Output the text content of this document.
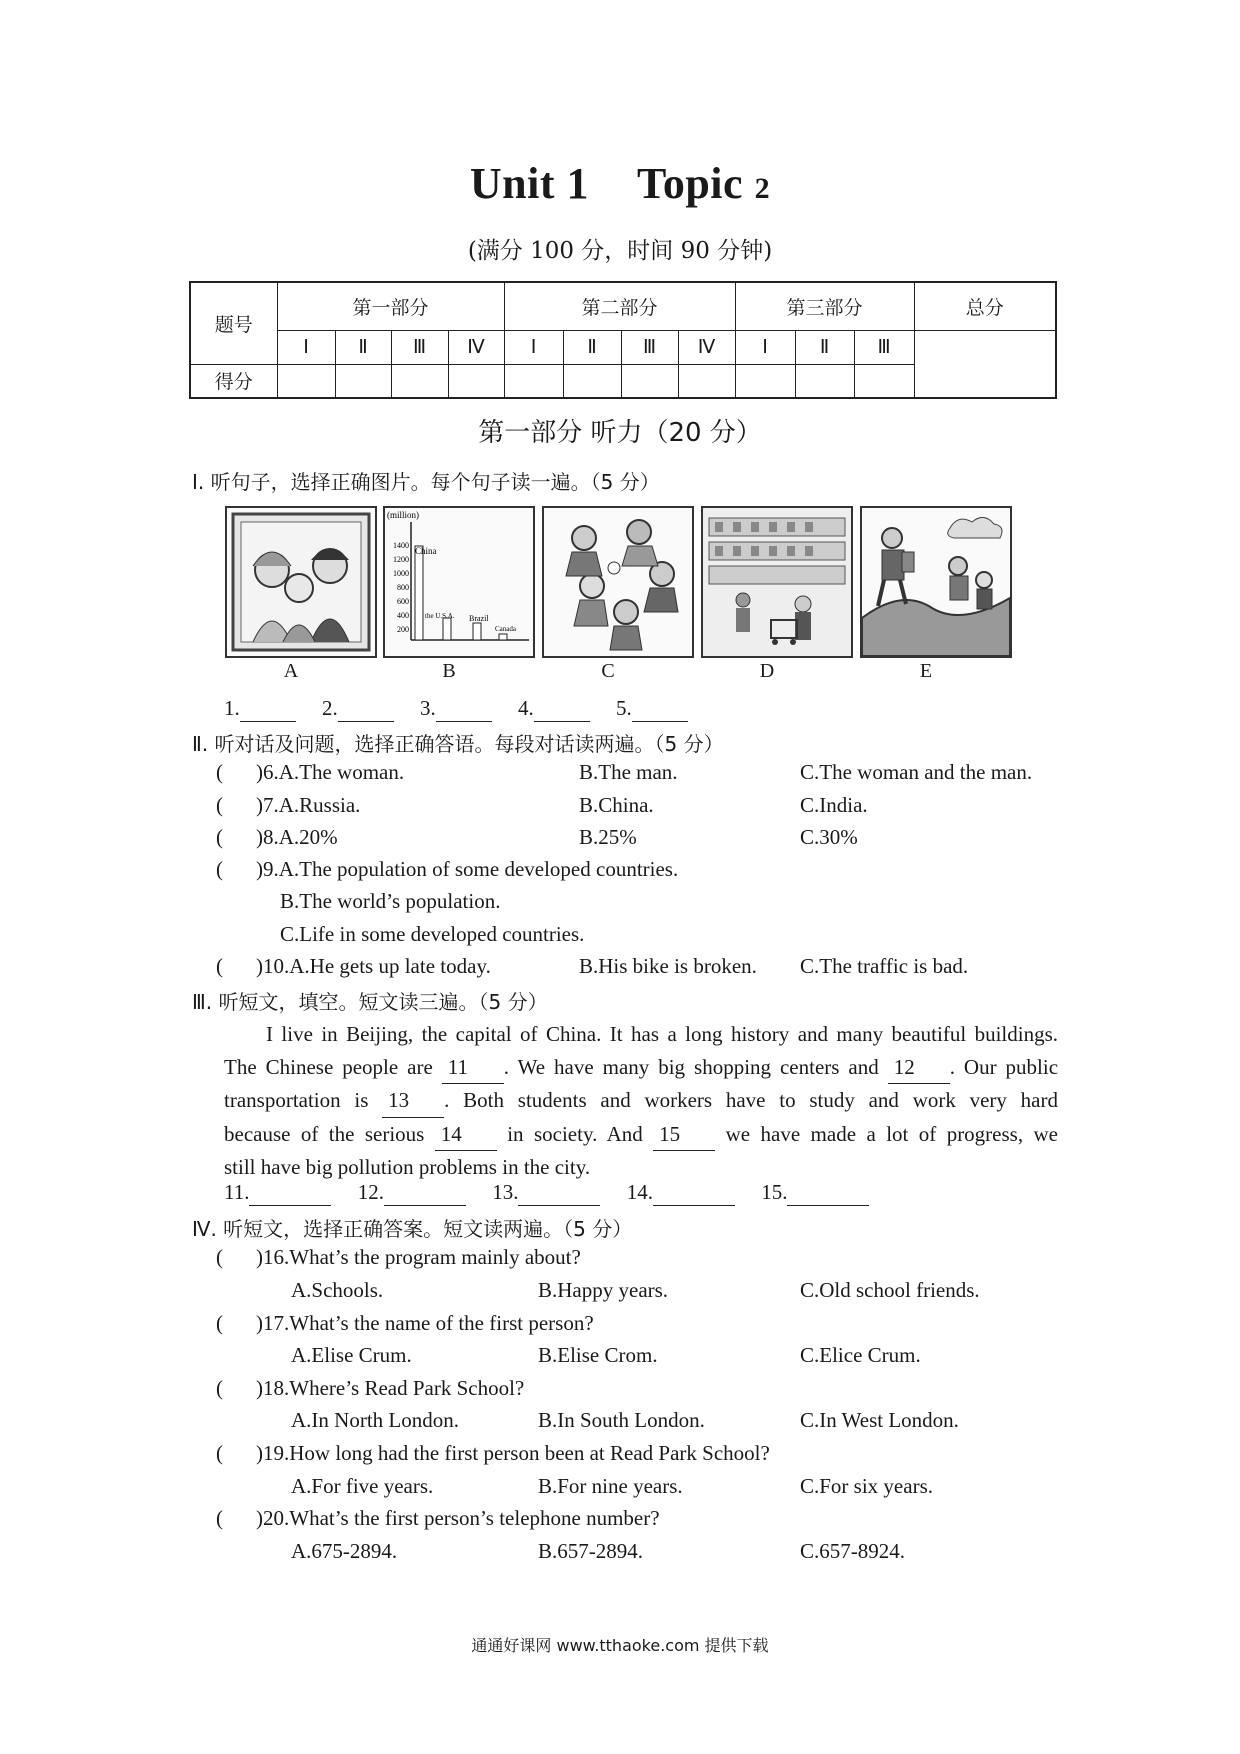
Unit 1 Topic 2
(满分 100 分，时间 90 分钟)
题号	第一部分				第二部分				第三部分			总分
	Ⅰ	Ⅱ	Ⅲ	Ⅳ	Ⅰ	Ⅱ	Ⅲ	Ⅳ	Ⅰ	Ⅱ	Ⅲ	
得分												
第一部分 听力（20 分）
Ⅰ. 听句子，选择正确图片。每个句子读一遍。（5 分）
(million)
1400
1200
1000
800
600
400
200
China
the U.S.A. Brazil
Canada
A	B	C	D	E
1.	2.	3.	4.	5.
Ⅱ. 听对话及问题，选择正确答语。每段对话读两遍。（5 分）
( )6.A.The woman.	B.The man.	C.The woman and the man.
( )7.A.Russia.	B.China.	C.India.
( )8.A.20%	B.25%	C.30%
( )9.A.The population of some developed countries.
B.The world’s population.
C.Life in some developed countries.
( )10.A.He gets up late today.	B.His bike is broken. C.The traffic is bad.
Ⅲ. 听短文，填空。短文读三遍。（5 分）
I live in Beijing, the capital of China. It has a long history and many beautiful buildings.
The Chinese people are 11 . We have many big shopping centers and 12 . Our public
transportation is 13 . Both students and workers have to study and work very hard
because of the serious 14 in society. And 15 we have made a lot of progress, we
still have big pollution problems in the city.
11.	12.	13.	14.	15.
Ⅳ. 听短文，选择正确答案。短文读两遍。（5 分）
( )16.What’s the program mainly about?
A.Schools.	B.Happy years.	C.Old school friends.
( )17.What’s the name of the first person?
A.Elise Crum.	B.Elise Crom.	C.Elice Crum.
( )18.Where’s Read Park School?
A.In North London.	B.In South London.	C.In West London.
( )19.How long had the first person been at Read Park School?
A.For five years.	B.For nine years.	C.For six years.
( )20.What’s the first person’s telephone number?
A.675-2894.	B.657-2894.	C.657-8924.
通通好课网 www.tthaoke.com 提供下载
